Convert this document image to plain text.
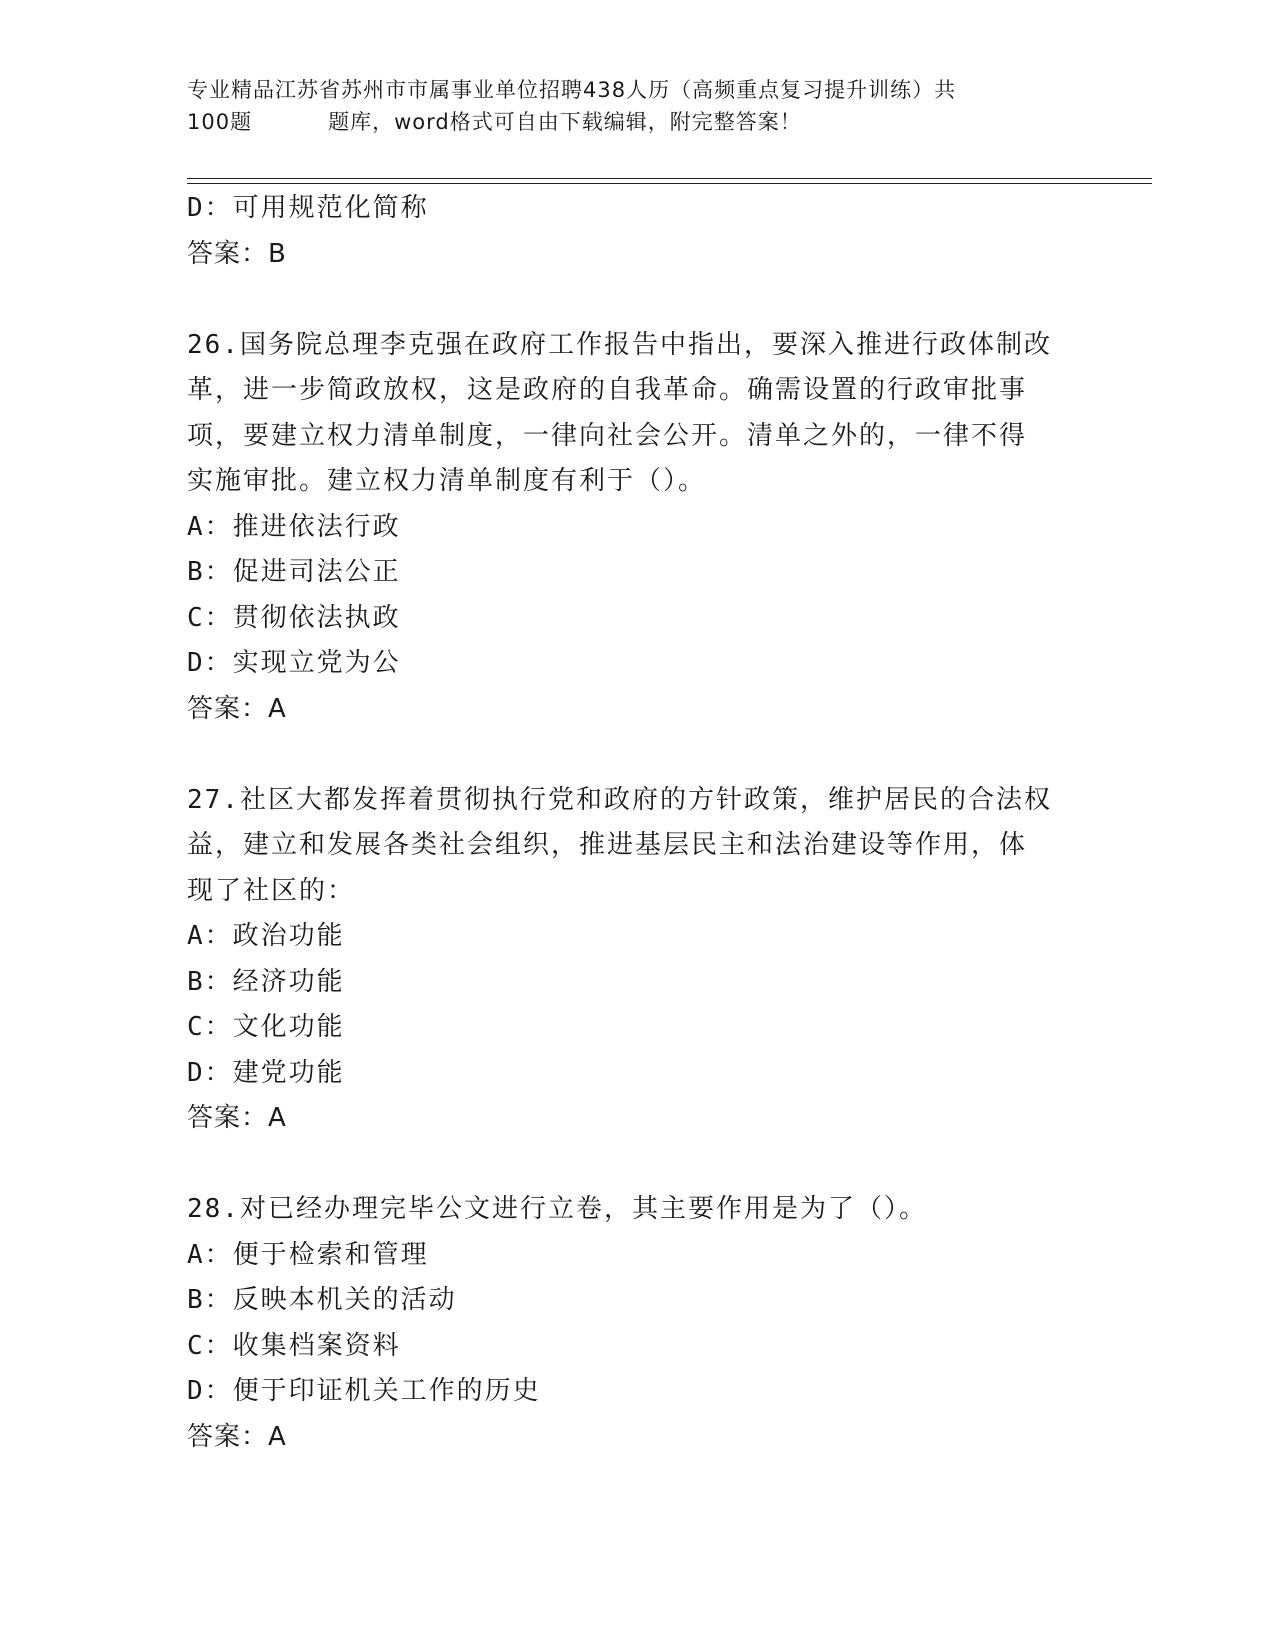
专业精品江苏省苏州市市属事业单位招聘438人历（高频重点复习提升训练）共
100题	题库，word格式可自由下载编辑，附完整答案！
D：可用规范化简称
答案：B
26.国务院总理李克强在政府工作报告中指出，要深入推进行政体制改
革，进一步简政放权，这是政府的自我革命。确需设置的行政审批事
项，要建立权力清单制度，一律向社会公开。清单之外的，一律不得
实施审批。建立权力清单制度有利于（）。
A：推进依法行政
B：促进司法公正
C：贯彻依法执政
D：实现立党为公
答案：A
27.社区大都发挥着贯彻执行党和政府的方针政策，维护居民的合法权
益，建立和发展各类社会组织，推进基层民主和法治建设等作用，体
现了社区的：
A：政治功能
B：经济功能
C：文化功能
D：建党功能
答案：A
28.对已经办理完毕公文进行立卷，其主要作用是为了（）。
A：便于检索和管理
B：反映本机关的活动
C：收集档案资料
D：便于印证机关工作的历史
答案：A
